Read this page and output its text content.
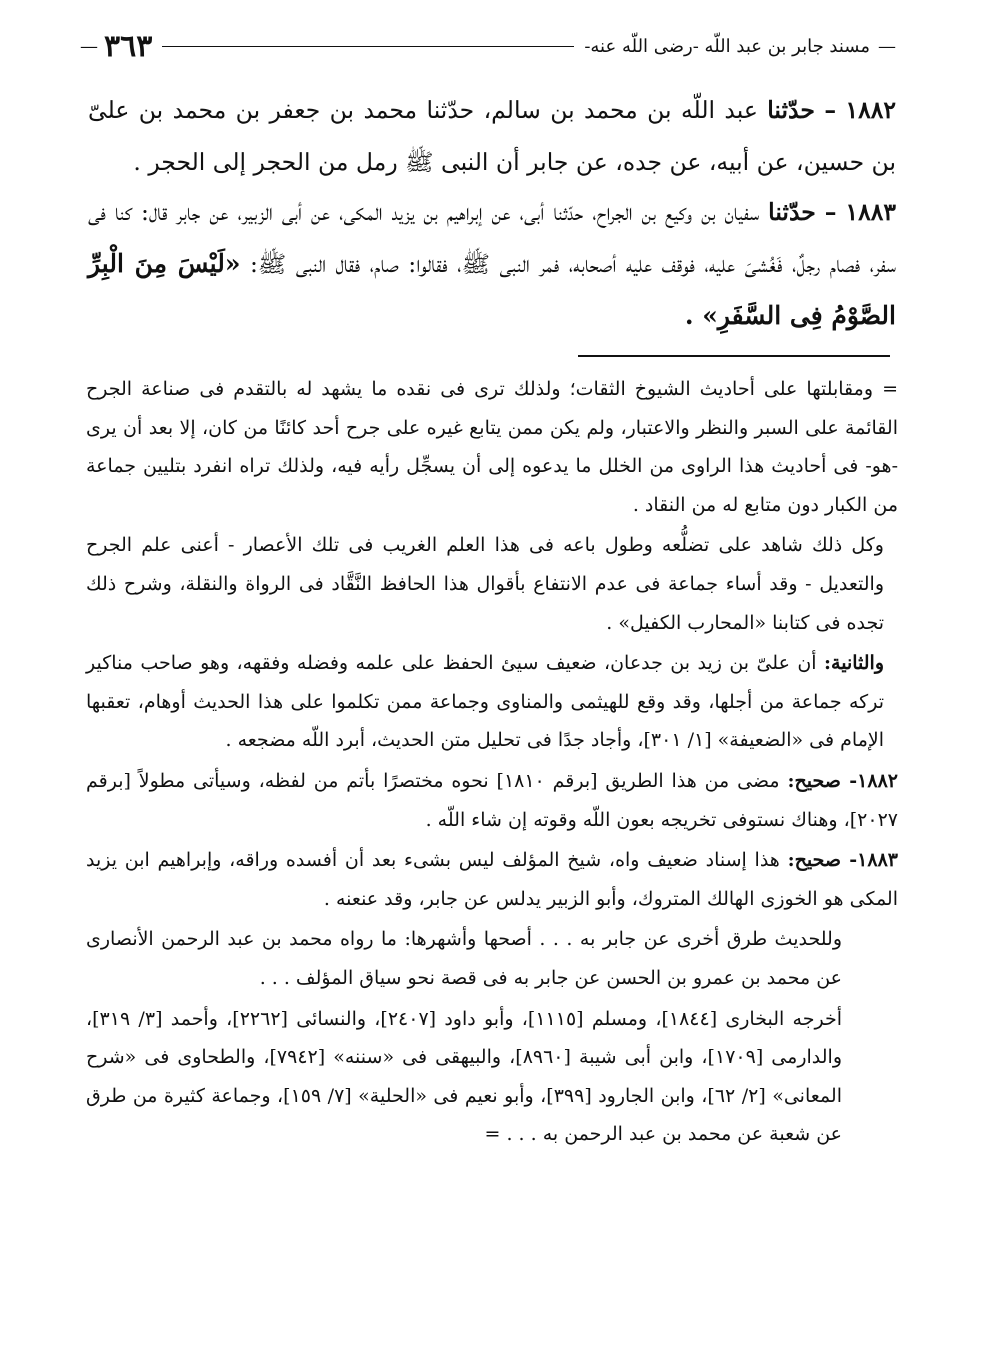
—
مسند جابر بن عبد اللّه -رضى اللّه عنه-
٣٦٣
—
١٨٨٢ – حدّثنا عبد اللّه بن محمد بن سالم، حدّثنا محمد بن جعفر بن محمد بن علىّ بن حسين، عن أبيه، عن جده، عن جابر أن النبى ﷺ رمل من الحجر إلى الحجر .
١٨٨٣ – حدّثنا سفيان بن وكيع بن الجراح، حدّثنا أبى، عن إبراهيم بن يزيد المكى، عن أبى الزبير، عن جابر قال: كنا فى سفر، فصام رجلٌ، فَغُشىَ عليه، فوقف عليه أصحابه، فمر النبى ﷺ، فقالوا: صام، فقال النبى ﷺ: «لَيْسَ مِنَ الْبِرِّ الصَّوْمُ فِى السَّفَرِ» .

= ومقابلتها على أحاديث الشيوخ الثقات؛ ولذلك ترى فى نقده ما يشهد له بالتقدم فى صناعة الجرح القائمة على السبر والنظر والاعتبار، ولم يكن ممن يتابع غيره على جرح أحد كائنًا من كان، إلا بعد أن يرى -هو- فى أحاديث هذا الراوى من الخلل ما يدعوه إلى أن يسجِّل رأيه فيه، ولذلك تراه انفرد بتليين جماعة من الكبار دون متابع له من النقاد .

وكل ذلك شاهد على تضلُّعه وطول باعه فى هذا العلم الغريب فى تلك الأعصار - أعنى علم الجرح والتعديل - وقد أساء جماعة فى عدم الانتفاع بأقوال هذا الحافظ النَّقَّاد فى الرواة والنقلة، وشرح ذلك تجده فى كتابنا «المحارب الكفيل» .

والثانية: أن علىّ بن زيد بن جدعان، ضعيف سيئ الحفظ على علمه وفضله وفقهه، وهو صاحب مناكير تركه جماعة من أجلها، وقد وقع للهيثمى والمناوى وجماعة ممن تكلموا على هذا الحديث أوهام، تعقبها الإمام فى «الضعيفة» [١/ ٣٠١]، وأجاد جدًا فى تحليل متن الحديث، أبرد اللّه مضجعه .

١٨٨٢- صحيح: مضى من هذا الطريق [برقم ١٨١٠] نحوه مختصرًا بأتم من لفظه، وسيأتى مطولاً [برقم ٢٠٢٧]، وهناك نستوفى تخريجه بعون اللّه وقوته إن شاء اللّه .

١٨٨٣- صحيح: هذا إسناد ضعيف واه، شيخ المؤلف ليس بشىء بعد أن أفسده وراقه، وإبراهيم ابن يزيد المكى هو الخوزى الهالك المتروك، وأبو الزبير يدلس عن جابر، وقد عنعنه .

وللحديث طرق أخرى عن جابر به . . . أصحها وأشهرها: ما رواه محمد بن عبد الرحمن الأنصارى عن محمد بن عمرو بن الحسن عن جابر به فى قصة نحو سياق المؤلف . . .

أخرجه البخارى [١٨٤٤]، ومسلم [١١١٥]، وأبو داود [٢٤٠٧]، والنسائى [٢٢٦٢]، وأحمد [٣/ ٣١٩]، والدارمى [١٧٠٩]، وابن أبى شيبة [٨٩٦٠]، والبيهقى فى «سننه» [٧٩٤٢]، والطحاوى فى «شرح المعانى» [٢/ ٦٢]، وابن الجارود [٣٩٩]، وأبو نعيم فى «الحلية» [٧/ ١٥٩]، وجماعة كثيرة من طرق عن شعبة عن محمد بن عبد الرحمن به . . . =
